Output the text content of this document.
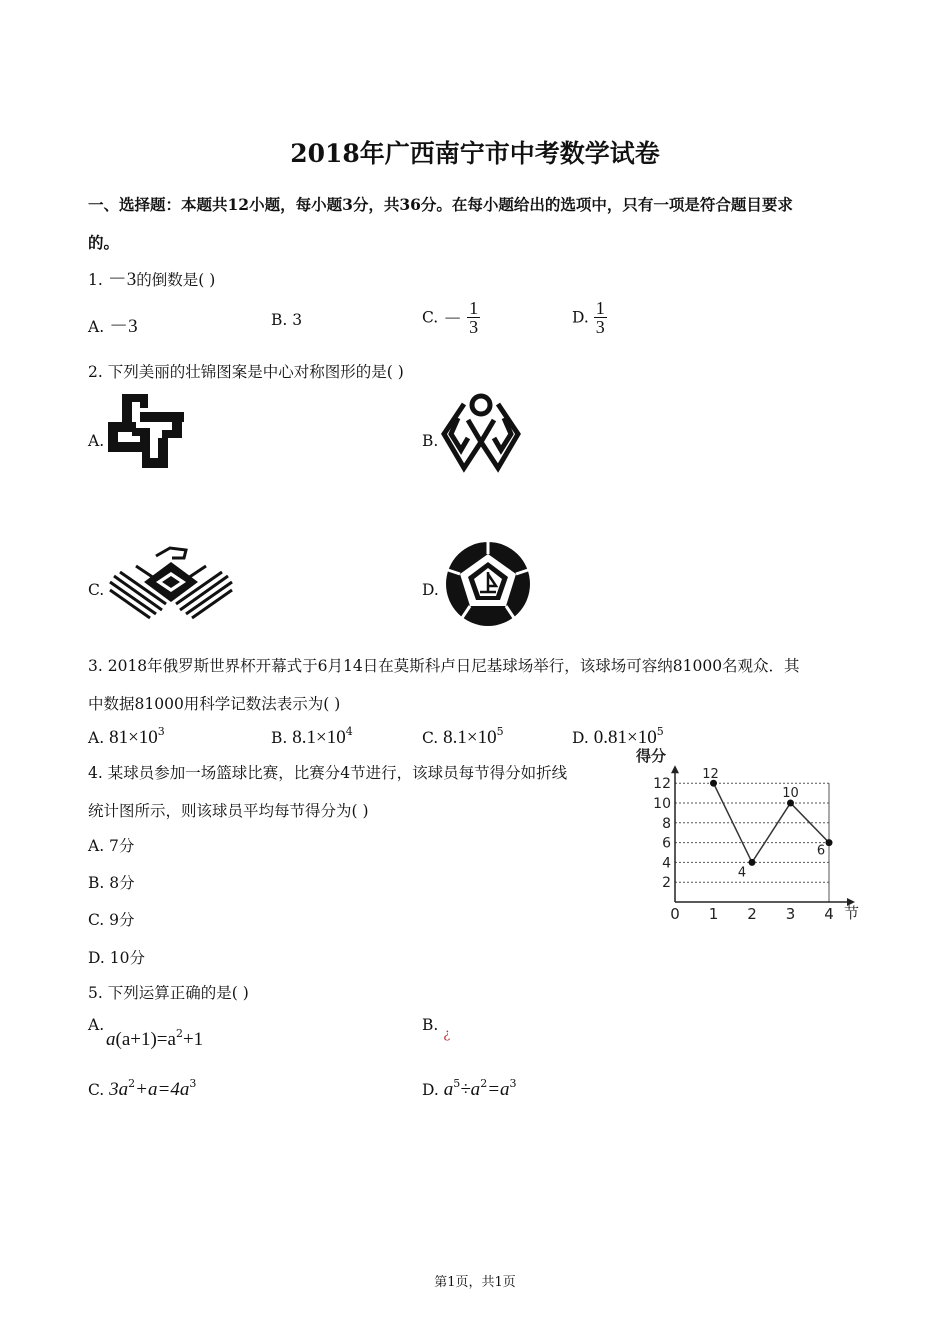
2018年广西南宁市中考数学试卷
一、选择题：本题共12小题，每小题3分，共36分。在每小题给出的选项中，只有一项是符合题目要求
的。
1. －3的倒数是( )
A. －3	B. 3	C. － $\frac{1}{3}$	D. $\frac{1}{3}$
2. 下列美丽的壮锦图案是中心对称图形的是( )
A.	B.
C.	D.
3. 2018年俄罗斯世界杯开幕式于6月14日在莫斯科卢日尼基球场举行，该球场可容纳81000名观众．其
中数据81000用科学记数法表示为( )
A. $81\times 10^3$	B. $8.1\times 10^4$	C. $8.1\times 10^5$	D. $0.81\times 10^5$
4. 某球员参加一场篮球比赛，比赛分4节进行，该球员每节得分如折线
统计图所示，则该球员平均每节得分为( )
A. 7分
B. 8分
C. 9分
D. 10分
2
4
6
8
10
12
0 1 2 3 4
12
4
10
6
得分
节
5. 下列运算正确的是( )
A.
$a(a+1)=a^2+1$
B. $_¿$
C. $3a^2+a=4a^3$	D. $a^5\div a^2=a^3$
第1页，共1页
